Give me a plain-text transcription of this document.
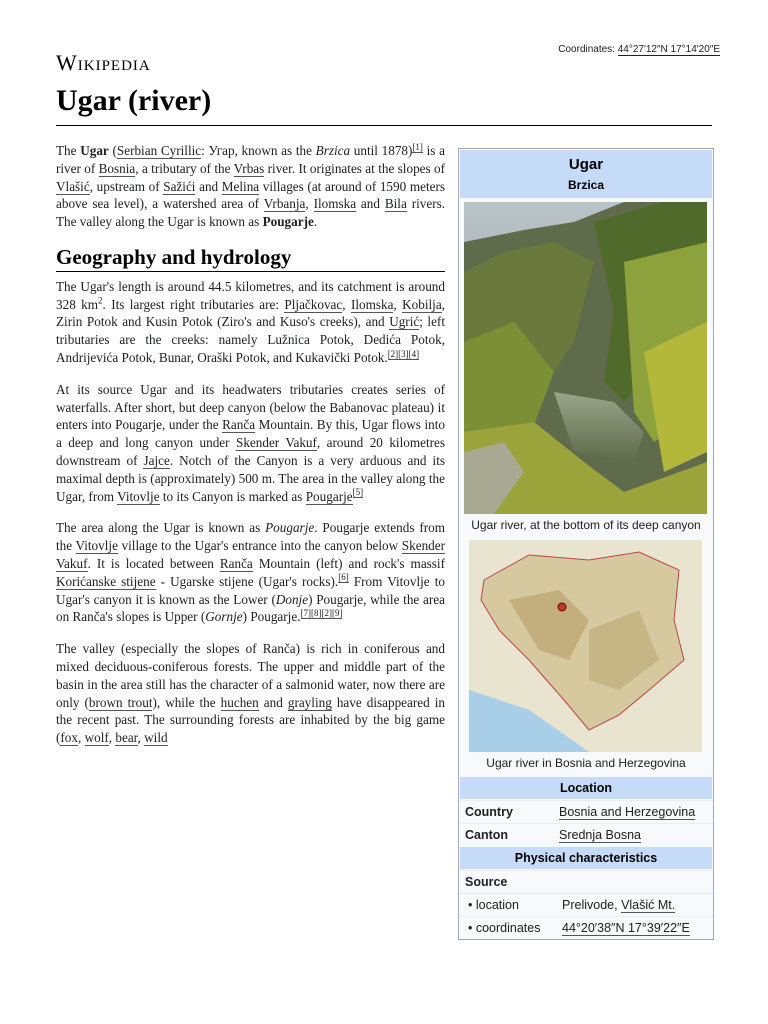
Wikipedia
Coordinates: 44°27′12″N 17°14′20″E
Ugar (river)

The Ugar (Serbian Cyrillic: Угар, known as the Brzica until 1878)[1] is a river of Bosnia, a tributary of the Vrbas river. It originates at the slopes of Vlašić, upstream of Sažići and Melina villages (at around of 1590 meters above sea level), a watershed area of Vrbanja, Ilomska and Bila rivers. The valley along the Ugar is known as Pougarje.

Geography and hydrology

The Ugar's length is around 44.5 kilometres, and its catchment is around 328 $km^2$. Its largest right tributaries are: Pljačkovac, Ilomska, Kobilja, Zirin Potok and Kusin Potok (Ziro's and Kuso's creeks), and Ugrić; left tributaries are the creeks: namely Lužnica Potok, Dedića Potok, Andrijevića Potok, Bunar, Oraški Potok, and Kukavički Potok.[2][3][4]

At its source Ugar and its headwaters tributaries creates series of waterfalls. After short, but deep canyon (below the Babanovac plateau) it enters into Pougarje, under the Ranča Mountain. By this, Ugar flows into a deep and long canyon under Skender Vakuf, around 20 kilometres downstream of Jajce. Notch of the Canyon is a very arduous and its maximal depth is (approximately) 500 m. The area in the valley along the Ugar, from Vitovlje to its Canyon is marked as Pougarje[5]

The area along the Ugar is known as Pougarje. Pougarje extends from the Vitovlje village to the Ugar's entrance into the canyon below Skender Vakuf. It is located between Ranča Mountain (left) and rock's massif Korićanske stijene - Ugarske stijene (Ugar's rocks).[6] From Vitovlje to Ugar's canyon it is known as the Lower (Donje) Pougarje, while the area on Ranča's slopes is Upper (Gornje) Pougarje.[7][8][2][9]

The valley (especially the slopes of Ranča) is rich in coniferous and mixed deciduous-coniferous forests. The upper and middle part of the basin in the area still has the character of a salmonid water, now there are only (brown trout), while the huchen and grayling have disappeared in the recent past. The surrounding forests are inhabited by the big game (fox, wolf, bear, wild

Ugar
Brzica
Ugar river, at the bottom of its deep canyon
Ugar river in Bosnia and Herzegovina
Location
Country	Bosnia and Herzegovina
Canton	Srednja Bosna
Physical characteristics
Source
• location	Prelivode, Vlašić Mt.
• coordinates	44°20′38″N 17°39′22″E
